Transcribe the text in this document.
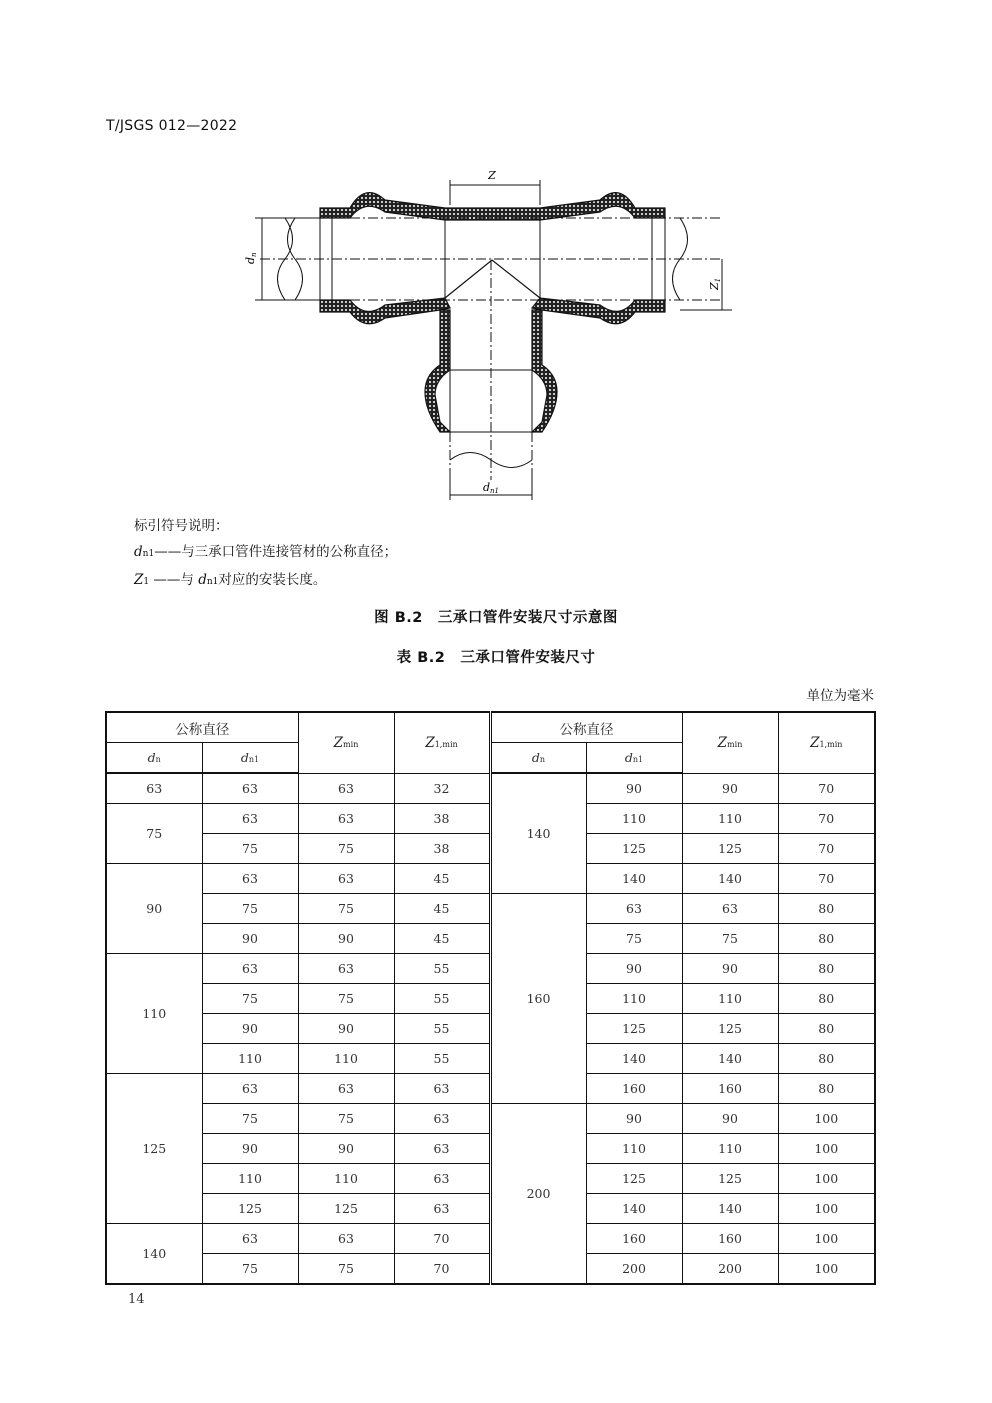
T/JSGS 012—2022
Z
dn
Z1
dn1
标引符号说明：
dn1——与三承口管件连接管材的公称直径；
Z1 ——与 dn1对应的安装长度。
图 B.2　三承口管件安装尺寸示意图
表 B.2　三承口管件安装尺寸
单位为毫米
公称直径		Zmin	Z1,min	公称直径		Zmin	Z1,min
dn	dn1			dn	dn1		
63	63	63	32	140	90	90	70
75	63	63	38		110	110	70
	75	75	38		125	125	70
90	63	63	45		140	140	70
	75	75	45	160	63	63	80
	90	90	45		75	75	80
110	63	63	55		90	90	80
	75	75	55		110	110	80
	90	90	55		125	125	80
	110	110	55		140	140	80
125	63	63	63		160	160	80
	75	75	63	200	90	90	100
	90	90	63		110	110	100
	110	110	63		125	125	100
	125	125	63		140	140	100
140	63	63	70		160	160	100
	75	75	70		200	200	100
14
